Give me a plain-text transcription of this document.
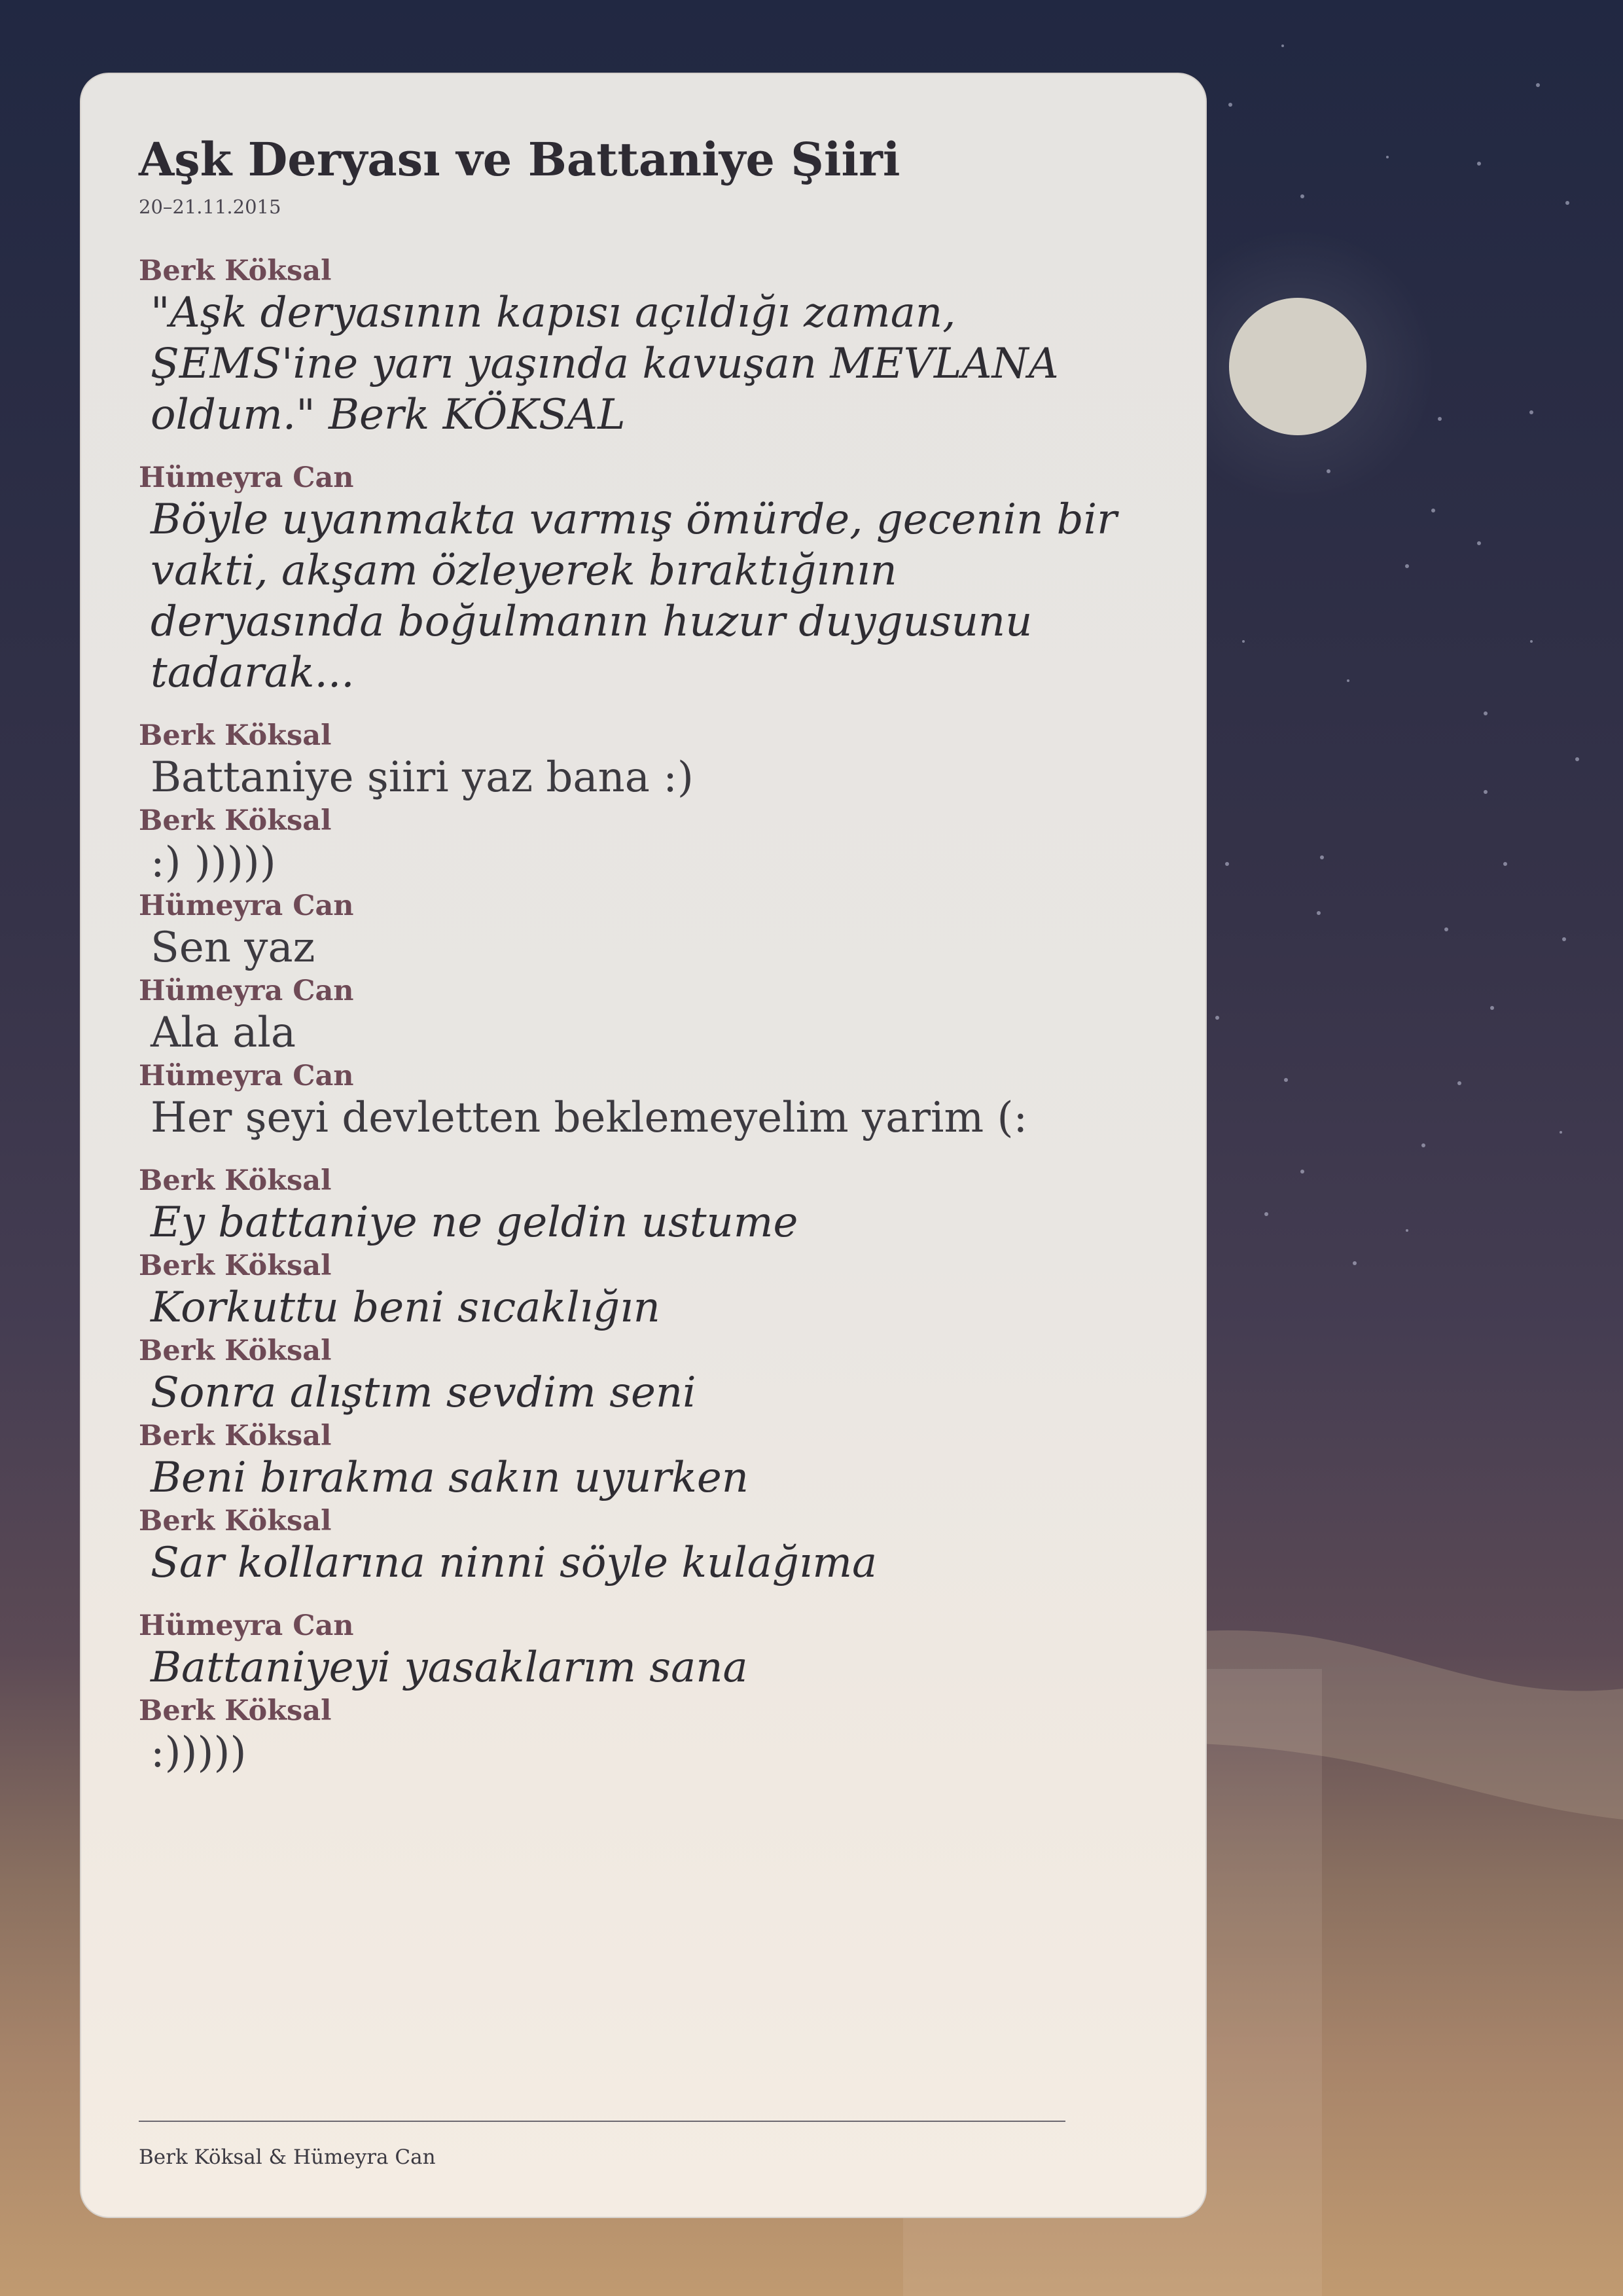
Aşk Deryası ve Battaniye Şiiri
20–21.11.2015
Berk Köksal
"Aşk deryasının kapısı açıldığı zaman, ŞEMS'ine yarı yaşında kavuşan MEVLANA oldum." Berk KÖKSAL
Hümeyra Can
Böyle uyanmakta varmış ömürde, gecenin bir vakti, akşam özleyerek bıraktığının deryasında boğulmanın huzur duygusunu tadarak...
Berk Köksal
Battaniye şiiri yaz bana :)
Berk Köksal
:) )))))
Hümeyra Can
Sen yaz
Hümeyra Can
Ala ala
Hümeyra Can
Her şeyi devletten beklemeyelim yarim (:
Berk Köksal
Ey battaniye ne geldin ustume
Berk Köksal
Korkuttu beni sıcaklığın
Berk Köksal
Sonra alıştım sevdim seni
Berk Köksal
Beni bırakma sakın uyurken
Berk Köksal
Sar kollarına ninni söyle kulağıma
Hümeyra Can
Battaniyeyi yasaklarım sana
Berk Köksal
:)))))
Berk Köksal & Hümeyra Can
